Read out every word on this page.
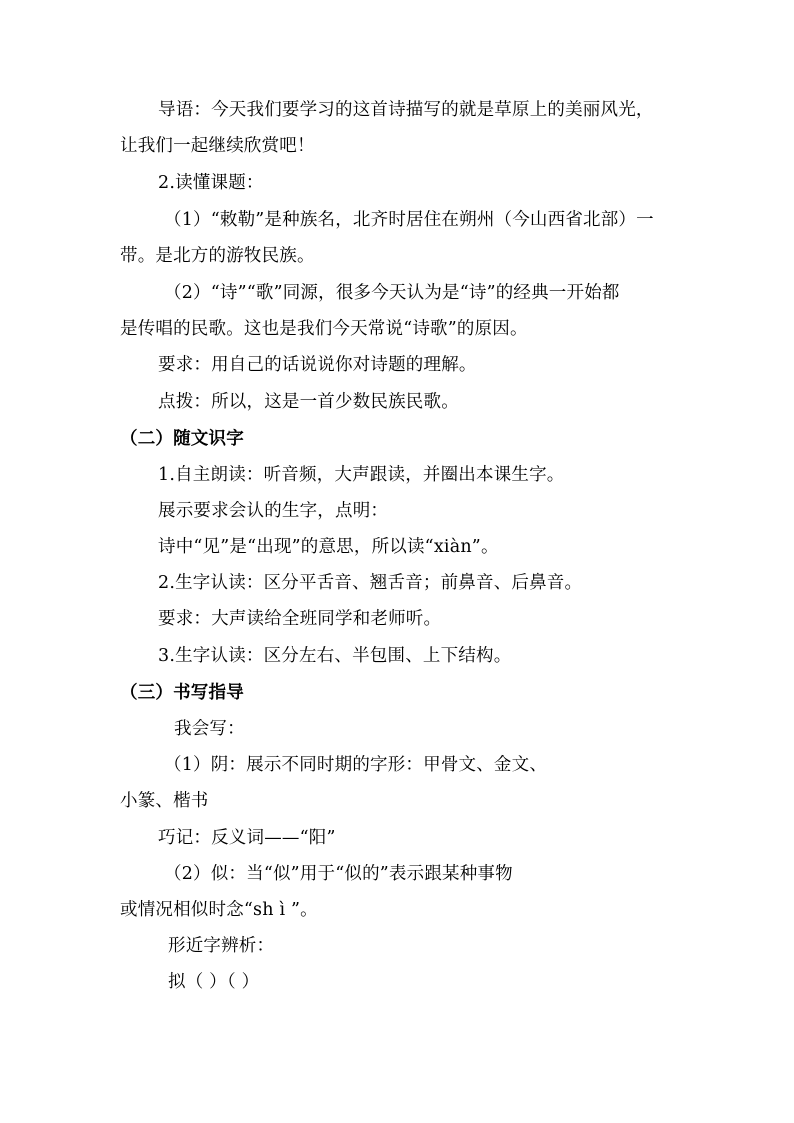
导语：今天我们要学习的这首诗描写的就是草原上的美丽风光，
让我们一起继续欣赏吧！
2.读懂课题：
（1）“敕勒”是种族名，北齐时居住在朔州（今山西省北部）一
带。是北方的游牧民族。
（2）“诗”“歌”同源，很多今天认为是“诗”的经典一开始都
是传唱的民歌。这也是我们今天常说“诗歌”的原因。
要求：用自己的话说说你对诗题的理解。
点拨：所以，这是一首少数民族民歌。
（二）随文识字
1.自主朗读：听音频，大声跟读，并圈出本课生字。
展示要求会认的生字，点明：
诗中“见”是“出现”的意思，所以读“xiàn”。
2.生字认读：区分平舌音、翘舌音；前鼻音、后鼻音。
要求：大声读给全班同学和老师听。
3.生字认读：区分左右、半包围、上下结构。
（三）书写指导
我会写：
（1）阴：展示不同时期的字形：甲骨文、金文、
小篆、楷书
巧记：反义词——“阳”
（2）似：当“似”用于“似的”表示跟某种事物
或情况相似时念“sh ì ”。
形近字辨析：
拟（ ）（ ）
